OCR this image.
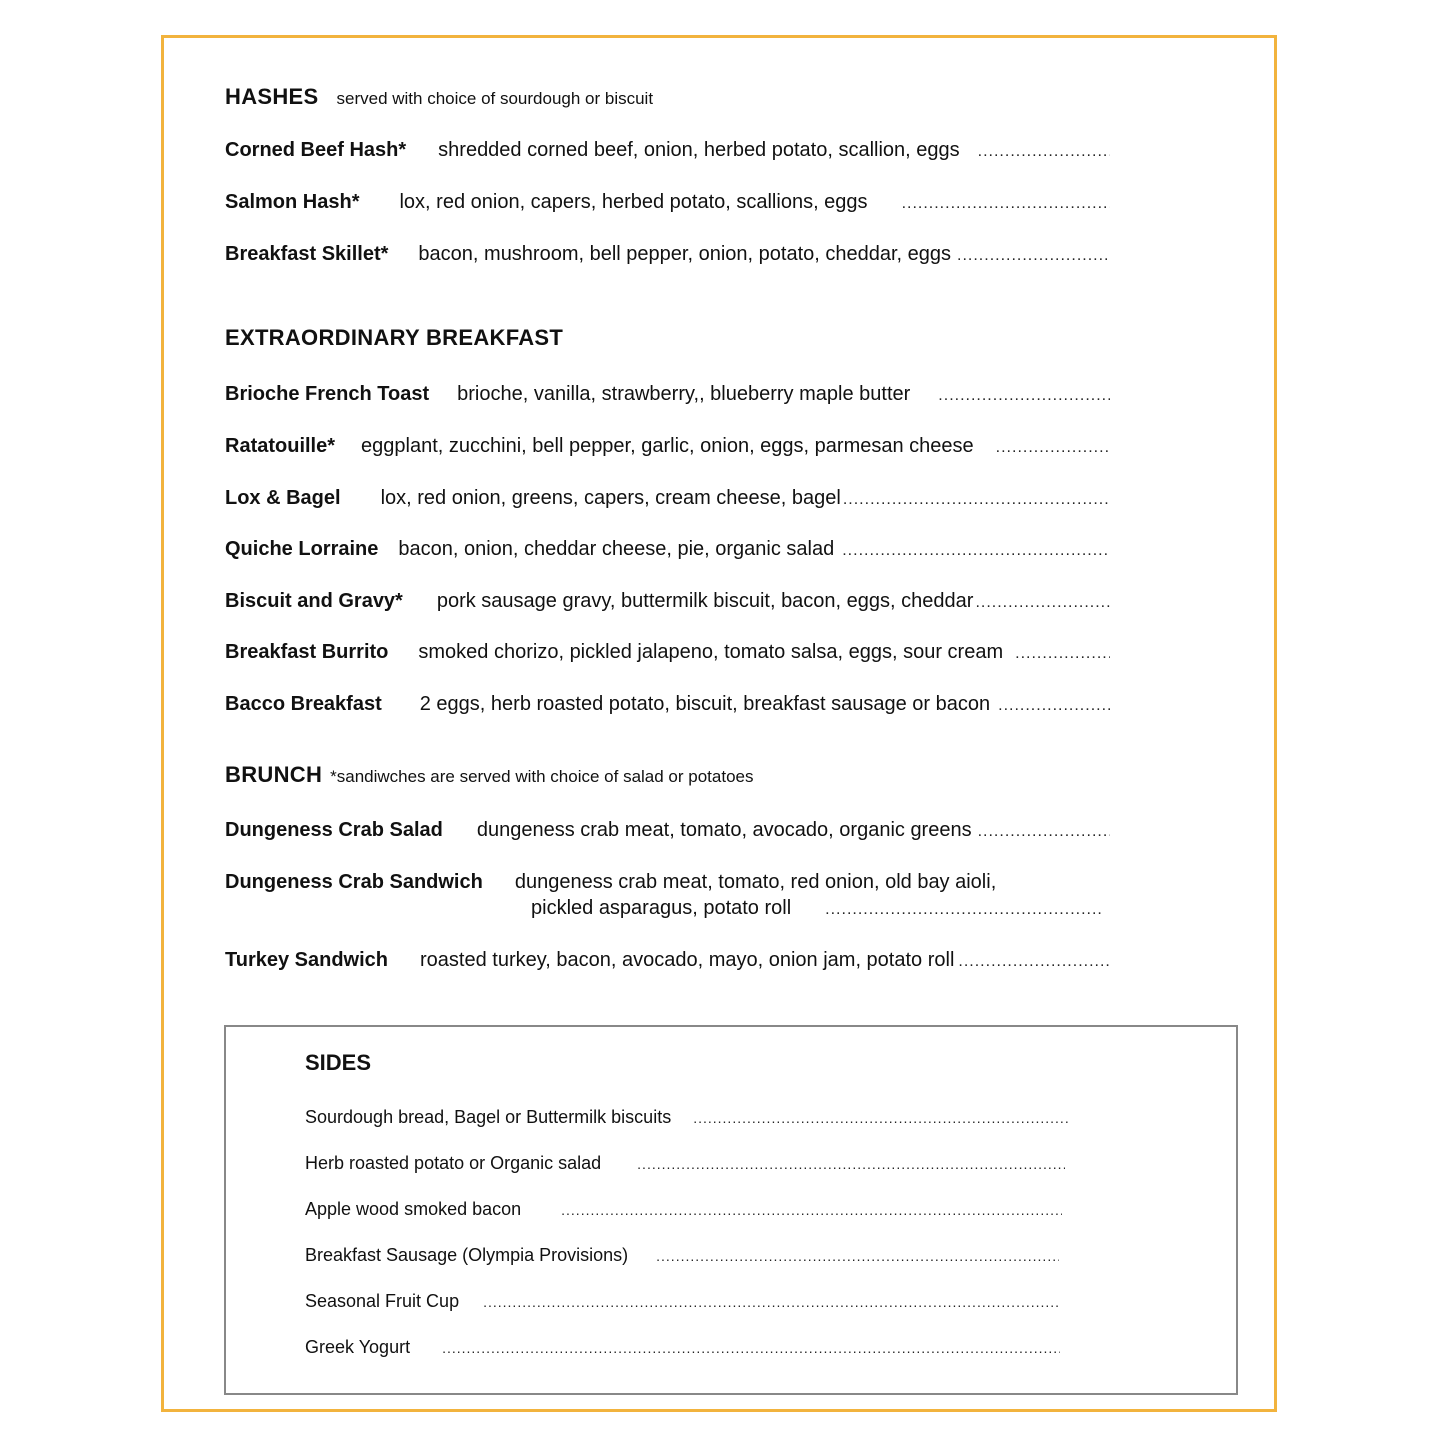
HASHES served with choice of sourdough or biscuit
Corned Beef Hash* shredded corned beef, onion, herbed potato, scallion, eggs
.....
Salmon Hash* lox, red onion, capers, herbed potato, scallions, eggs
.....
Breakfast Skillet* bacon, mushroom, bell pepper, onion, potato, cheddar, eggs
.....
EXTRAORDINARY BREAKFAST
Brioche French Toast brioche, vanilla, strawberry,, blueberry maple butter
.....
Ratatouille* eggplant, zucchini, bell pepper, garlic, onion, eggs, parmesan cheese
.....
Lox & Bagel lox, red onion, greens, capers, cream cheese, bagel
.....
Quiche Lorraine bacon, onion, cheddar cheese, pie, organic salad
.....
Biscuit and Gravy* pork sausage gravy, buttermilk biscuit, bacon, eggs, cheddar
.....
Breakfast Burrito smoked chorizo, pickled jalapeno, tomato salsa, eggs, sour cream
.....
Bacco Breakfast 2 eggs, herb roasted potato, biscuit, breakfast sausage or bacon
.....
BRUNCH *sandiwches are served with choice of salad or potatoes
Dungeness Crab Salad dungeness crab meat, tomato, avocado, organic greens
.....
Dungeness Crab Sandwich dungeness crab meat, tomato, red onion, old bay aioli,
pickled asparagus, potato roll
.....
Turkey Sandwich roasted turkey, bacon, avocado, mayo, onion jam, potato roll
.....
SIDES
Sourdough bread, Bagel or Buttermilk biscuits
.....
Herb roasted potato or Organic salad
.....
Apple wood smoked bacon
.....
Breakfast Sausage (Olympia Provisions)
.....
Seasonal Fruit Cup
.....
Greek Yogurt
.....
